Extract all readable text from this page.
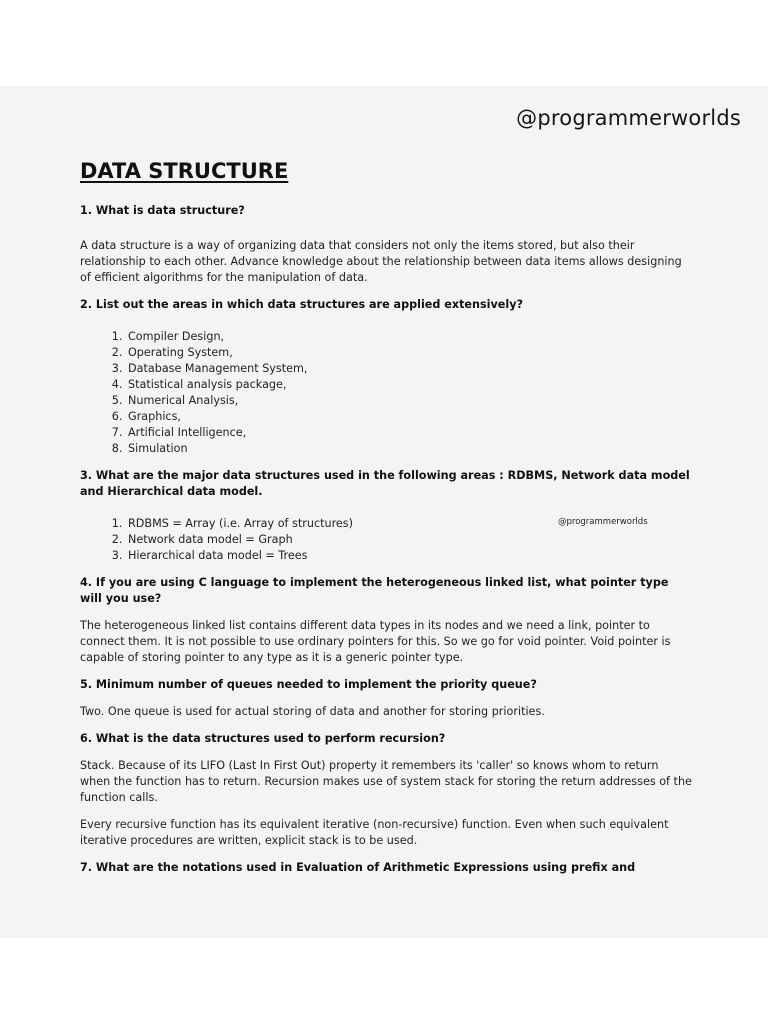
@programmerworlds
DATA STRUCTURE

1. What is data structure?

A data structure is a way of organizing data that considers not only the items stored, but also their relationship to each other. Advance knowledge about the relationship between data items allows designing of efficient algorithms for the manipulation of data.

2. List out the areas in which data structures are applied extensively?

1. Compiler Design,
2. Operating System,
3. Database Management System,
4. Statistical analysis package,
5. Numerical Analysis,
6. Graphics,
7. Artificial Intelligence,
8. Simulation

3. What are the major data structures used in the following areas : RDBMS, Network data model and Hierarchical data model.

1. RDBMS = Array (i.e. Array of structures)
2. Network data model = Graph
3. Hierarchical data model = Trees
@programmerworlds

4. If you are using C language to implement the heterogeneous linked list, what pointer type will you use?

The heterogeneous linked list contains different data types in its nodes and we need a link, pointer to connect them. It is not possible to use ordinary pointers for this. So we go for void pointer. Void pointer is capable of storing pointer to any type as it is a generic pointer type.

5. Minimum number of queues needed to implement the priority queue?

Two. One queue is used for actual storing of data and another for storing priorities.

6. What is the data structures used to perform recursion?

Stack. Because of its LIFO (Last In First Out) property it remembers its 'caller' so knows whom to return when the function has to return. Recursion makes use of system stack for storing the return addresses of the function calls.

Every recursive function has its equivalent iterative (non-recursive) function. Even when such equivalent iterative procedures are written, explicit stack is to be used.

7. What are the notations used in Evaluation of Arithmetic Expressions using prefix and
